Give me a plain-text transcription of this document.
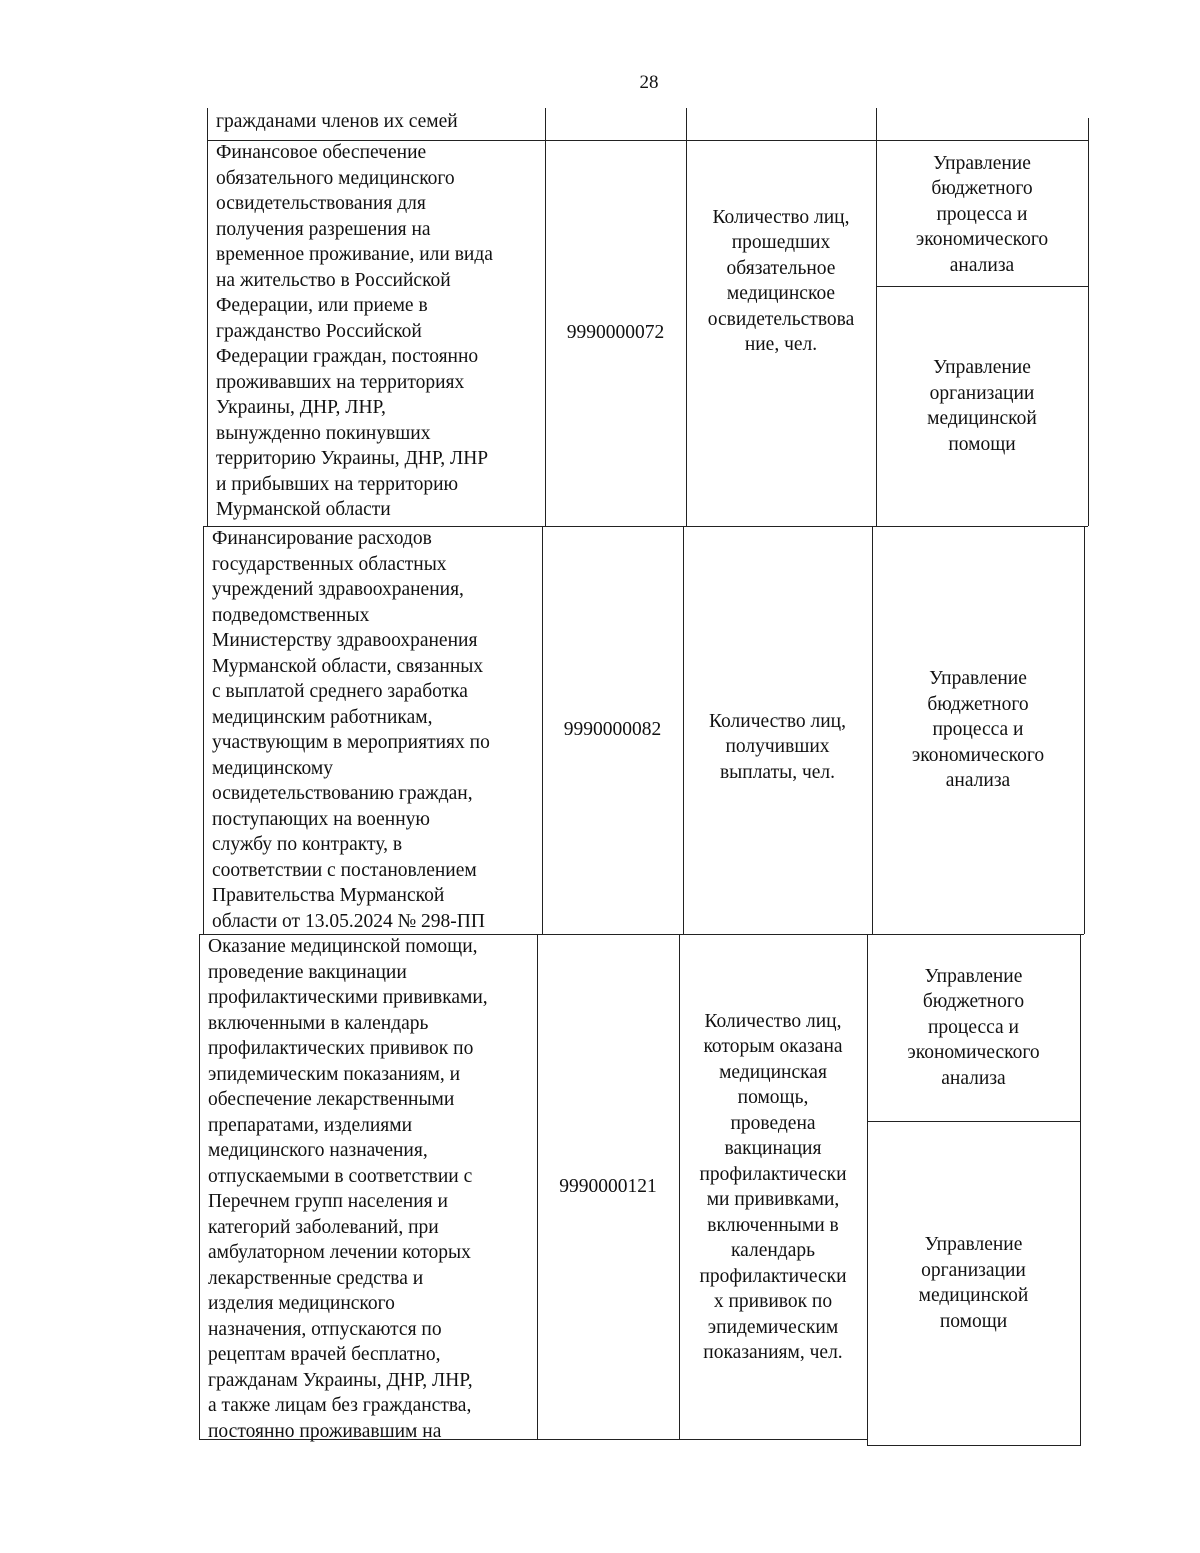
28
гражданами членов их семей
Финансовое обеспечение
обязательного медицинского
освидетельствования для
получения разрешения на
временное проживание, или вида
на жительство в Российской
Федерации, или приеме в
гражданство Российской
Федерации граждан, постоянно
проживавших на территориях
Украины, ДНР, ЛНР,
вынужденно покинувших
территорию Украины, ДНР, ЛНР
и прибывших на территорию
Мурманской области
9990000072
Количество лиц,
прошедших
обязательное
медицинское
освидетельствова
ние, чел.
Управление
бюджетного
процесса и
экономического
анализа
Управление
организации
медицинской
помощи
Финансирование расходов
государственных областных
учреждений здравоохранения,
подведомственных
Министерству здравоохранения
Мурманской области, связанных
с выплатой среднего заработка
медицинским работникам,
участвующим в мероприятиях по
медицинскому
освидетельствованию граждан,
поступающих на военную
службу по контракту, в
соответствии с постановлением
Правительства Мурманской
области от 13.05.2024 № 298-ПП
9990000082 Количество лиц,
получивших
выплаты, чел.
Управление
бюджетного
процесса и
экономического
анализа
Оказание медицинской помощи,
проведение вакцинации
профилактическими прививками,
включенными в календарь
профилактических прививок по
эпидемическим показаниям, и
обеспечение лекарственными
препаратами, изделиями
медицинского назначения,
отпускаемыми в соответствии с
Перечнем групп населения и
категорий заболеваний, при
амбулаторном лечении которых
лекарственные средства и
изделия медицинского
назначения, отпускаются по
рецептам врачей бесплатно,
гражданам Украины, ДНР, ЛНР,
а также лицам без гражданства,
постоянно проживавшим на
9990000121
Количество лиц,
которым оказана
медицинская
помощь,
проведена
вакцинация
профилактически
ми прививками,
включенными в
календарь
профилактически
х прививок по
эпидемическим
показаниям, чел.
Управление
бюджетного
процесса и
экономического
анализа
Управление
организации
медицинской
помощи
